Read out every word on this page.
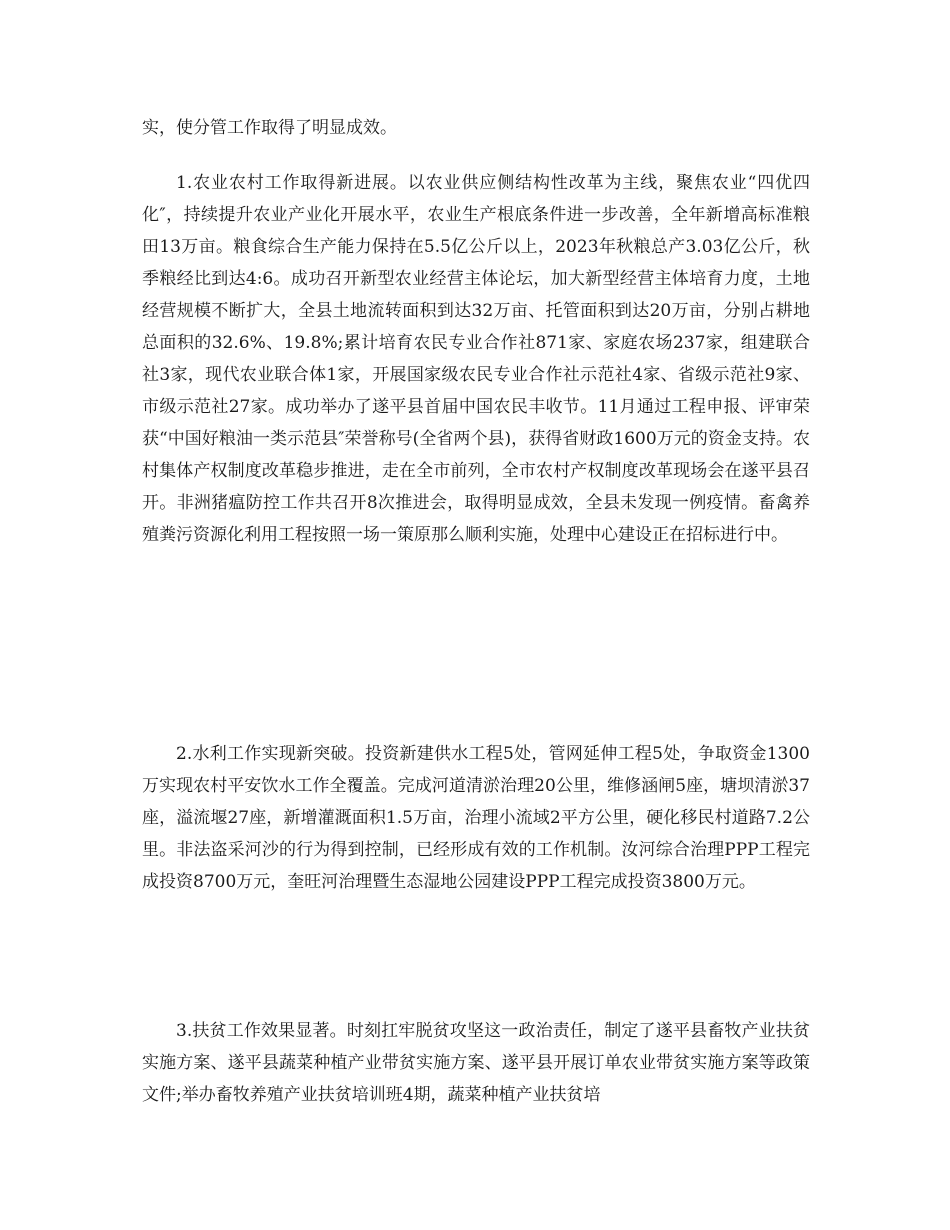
实，使分管工作取得了明显成效。

1.农业农村工作取得新进展。以农业供应侧结构性改革为主线，聚焦农业“四优四化″，持续提升农业产业化开展水平，农业生产根底条件进一步改善，全年新增高标准粮田13万亩。粮食综合生产能力保持在5.5亿公斤以上，2023年秋粮总产3.03亿公斤，秋季粮经比到达4:6。成功召开新型农业经营主体论坛，加大新型经营主体培育力度，土地经营规模不断扩大，全县土地流转面积到达32万亩、托管面积到达20万亩，分别占耕地总面积的32.6%、19.8%;累计培育农民专业合作社871家、家庭农场237家，组建联合社3家，现代农业联合体1家，开展国家级农民专业合作社示范社4家、省级示范社9家、市级示范社27家。成功举办了遂平县首届中国农民丰收节。11月通过工程申报、评审荣获“中国好粮油一类示范县″荣誉称号(全省两个县)，获得省财政1600万元的资金支持。农村集体产权制度改革稳步推进，走在全市前列，全市农村产权制度改革现场会在遂平县召开。非洲猪瘟防控工作共召开8次推进会，取得明显成效，全县未发现一例疫情。畜禽养殖粪污资源化利用工程按照一场一策原那么顺利实施，处理中心建设正在招标进行中。

2.水利工作实现新突破。投资新建供水工程5处，管网延伸工程5处，争取资金1300万实现农村平安饮水工作全覆盖。完成河道清淤治理20公里，维修涵闸5座，塘坝清淤37座，溢流堰27座，新增灌溉面积1.5万亩，治理小流域2平方公里，硬化移民村道路7.2公里。非法盗采河沙的行为得到控制，已经形成有效的工作机制。汝河综合治理PPP工程完成投资8700万元，奎旺河治理暨生态湿地公园建设PPP工程完成投资3800万元。

3.扶贫工作效果显著。时刻扛牢脱贫攻坚这一政治责任，制定了遂平县畜牧产业扶贫实施方案、遂平县蔬菜种植产业带贫实施方案、遂平县开展订单农业带贫实施方案等政策文件;举办畜牧养殖产业扶贫培训班4期，蔬菜种植产业扶贫培
